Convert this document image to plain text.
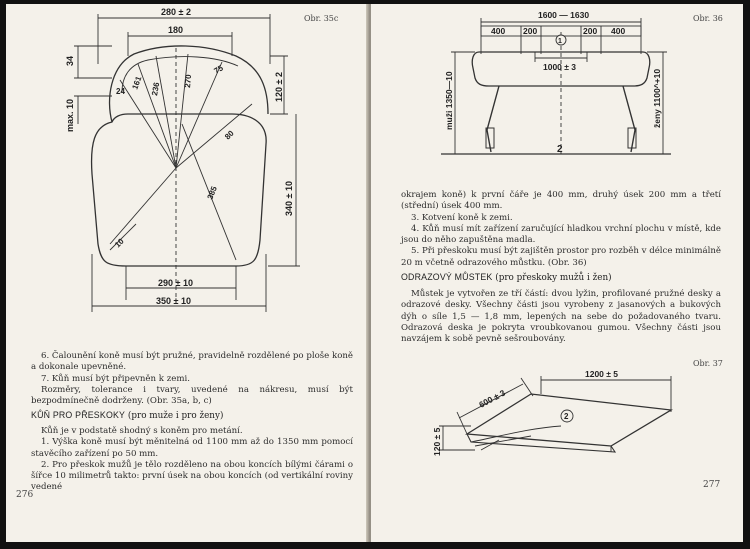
Obr. 35c
280 ± 2
180
34
max. 10
24
161 236
270
75
80
385
10
120 ± 2
340 ± 10
290 ± 10
350 ± 10

6. Čalounění koně musí být pružné, pravidelně rozdělené po ploše koně a dokonale upevněné.

7. Kůň musí být připevněn k zemi.

Rozměry, tolerance i tvary, uvedené na nákresu, musí být bezpodmínečně dodrženy. (Obr. 35a, b, c)

KŮŇ PRO PŘESKOKY (pro muže i pro ženy)

Kůň je v podstatě shodný s koněm pro metání.

1. Výška koně musí být měnitelná od 1100 mm až do 1350 mm pomocí stavěcího zařízení po 50 mm.

2. Pro přeskok mužů je tělo rozděleno na obou koncích bílými čárami o šířce 10 milimetrů takto: první úsek na obou koncích (od vertikální roviny vedené

276
Obr. 36
1600 — 1630
400 200	200 400
1
1000 ± 3
2
muži 1350—10	ženy 1100^+10

okrajem koně) k první čáře je 400 mm, druhý úsek 200 mm a třetí (střední) úsek 400 mm.

3. Kotvení koně k zemi.

4. Kůň musí mít zařízení zaručující hladkou vrchní plochu v místě, kde jsou do něho zapuštěna madla.

5. Při přeskoku musí být zajištěn prostor pro rozběh v délce minimálně 20 m včetně odrazového můstku. (Obr. 36)

ODRAZOVÝ MŮSTEK (pro přeskoky mužů i žen)

Můstek je vytvořen ze tří částí: dvou lyžin, profilované pružné desky a odrazové desky. Všechny části jsou vyrobeny z jasanových a bukových dýh o síle 1,5 — 1,8 mm, lepených na sebe do požadovaného tvaru. Odrazová deska je pokryta vroubkovanou gumou. Všechny části jsou navzájem k sobě pevně sešroubovány.

Obr. 37
1200 ± 5
600 ± 3
2
120 ± 5
277
